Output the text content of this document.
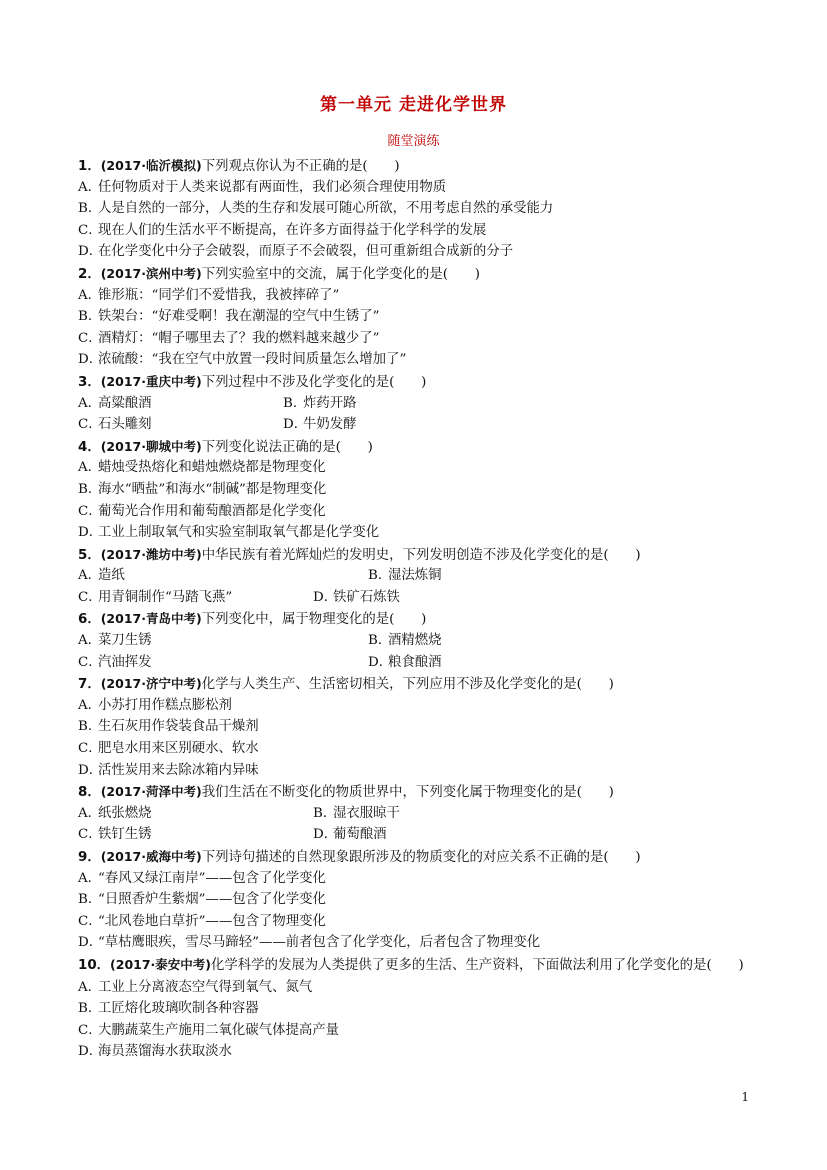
第一单元 走进化学世界
随堂演练
1．(2017·临沂模拟)下列观点你认为不正确的是(　　)
A．任何物质对于人类来说都有两面性，我们必须合理使用物质
B．人是自然的一部分，人类的生存和发展可随心所欲，不用考虑自然的承受能力
C．现在人们的生活水平不断提高，在许多方面得益于化学科学的发展
D．在化学变化中分子会破裂，而原子不会破裂，但可重新组合成新的分子
2．(2017·滨州中考)下列实验室中的交流，属于化学变化的是(　　)
A．锥形瓶：“同学们不爱惜我，我被摔碎了”
B．铁架台：“好难受啊！我在潮湿的空气中生锈了”
C．酒精灯：“帽子哪里去了？我的燃料越来越少了”
D．浓硫酸：“我在空气中放置一段时间质量怎么增加了”
3．(2017·重庆中考)下列过程中不涉及化学变化的是(　　)
A．高粱酿酒	B．炸药开路
C．石头雕刻	D．牛奶发酵
4．(2017·聊城中考)下列变化说法正确的是(　　)
A．蜡烛受热熔化和蜡烛燃烧都是物理变化
B．海水“晒盐”和海水“制碱”都是物理变化
C．葡萄光合作用和葡萄酿酒都是化学变化
D．工业上制取氧气和实验室制取氧气都是化学变化
5．(2017·潍坊中考)中华民族有着光辉灿烂的发明史，下列发明创造不涉及化学变化的是(　　)
A．造纸	B．湿法炼铜
C．用青铜制作“马踏飞燕”	D．铁矿石炼铁
6．(2017·青岛中考)下列变化中，属于物理变化的是(　　)
A．菜刀生锈	B．酒精燃烧
C．汽油挥发	D．粮食酿酒
7．(2017·济宁中考)化学与人类生产、生活密切相关，下列应用不涉及化学变化的是(　　)
A．小苏打用作糕点膨松剂
B．生石灰用作袋装食品干燥剂
C．肥皂水用来区别硬水、软水
D．活性炭用来去除冰箱内异味
8．(2017·菏泽中考)我们生活在不断变化的物质世界中，下列变化属于物理变化的是(　　)
A．纸张燃烧	B．湿衣服晾干
C．铁钉生锈	D．葡萄酿酒
9．(2017·威海中考)下列诗句描述的自然现象跟所涉及的物质变化的对应关系不正确的是(　　)
A．“春风又绿江南岸”——包含了化学变化
B．“日照香炉生紫烟”——包含了化学变化
C．“北风卷地白草折”——包含了物理变化
D．“草枯鹰眼疾，雪尽马蹄轻”——前者包含了化学变化，后者包含了物理变化
10．(2017·泰安中考)化学科学的发展为人类提供了更多的生活、生产资料，下面做法利用了化学变化的是(　　)
A．工业上分离液态空气得到氧气、氮气
B．工匠熔化玻璃吹制各种容器
C．大鹏蔬菜生产施用二氧化碳气体提高产量
D．海员蒸馏海水获取淡水
1
